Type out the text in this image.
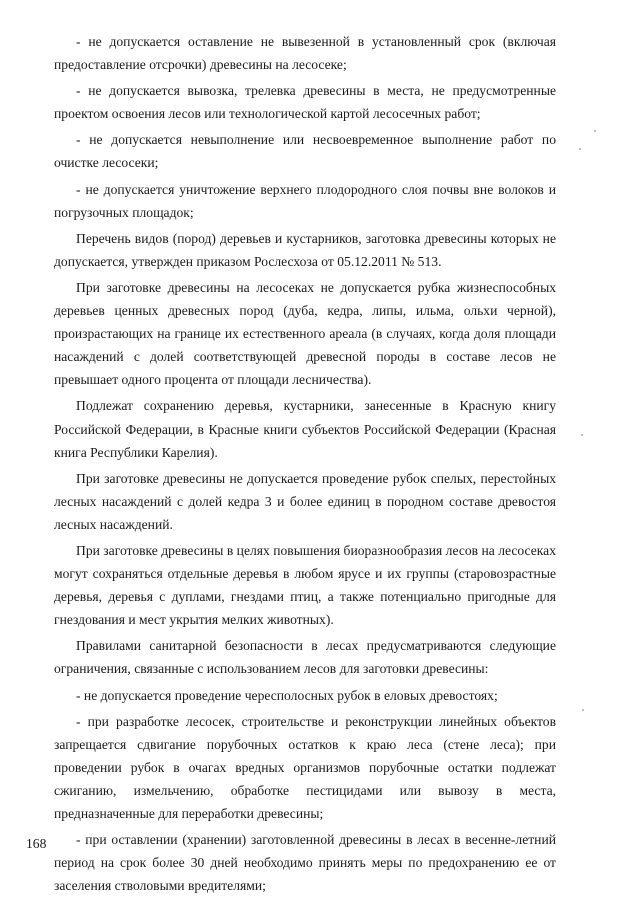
- не допускается оставление не вывезенной в установленный срок (включая предоставление отсрочки) древесины на лесосеке;

- не допускается вывозка, трелевка древесины в места, не предусмотренные проектом освоения лесов или технологической картой лесосечных работ;

- не допускается невыполнение или несвоевременное выполнение работ по очистке лесосеки;

- не допускается уничтожение верхнего плодородного слоя почвы вне волоков и погрузочных площадок;

Перечень видов (пород) деревьев и кустарников, заготовка древесины которых не допускается, утвержден приказом Рослесхоза от 05.12.2011 № 513.

При заготовке древесины на лесосеках не допускается рубка жизнеспособных деревьев ценных древесных пород (дуба, кедра, липы, ильма, ольхи черной), произрастающих на границе их естественного ареала (в случаях, когда доля площади насаждений с долей соответствующей древесной породы в составе лесов не превышает одного процента от площади лесничества).

Подлежат сохранению деревья, кустарники, занесенные в Красную книгу Российской Федерации, в Красные книги субъектов Российской Федерации (Красная книга Республики Карелия).

При заготовке древесины не допускается проведение рубок спелых, перестойных лесных насаждений с долей кедра 3 и более единиц в породном составе древостоя лесных насаждений.

При заготовке древесины в целях повышения биоразнообразия лесов на лесосеках могут сохраняться отдельные деревья в любом ярусе и их группы (старовозрастные деревья, деревья с дуплами, гнездами птиц, а также потенциально пригодные для гнездования и мест укрытия мелких животных).

Правилами санитарной безопасности в лесах предусматриваются следующие ограничения, связанные с использованием лесов для заготовки древесины:

- не допускается проведение чересполосных рубок в еловых древостоях;

- при разработке лесосек, строительстве и реконструкции линейных объектов запрещается сдвигание порубочных остатков к краю леса (стене леса); при проведении рубок в очагах вредных организмов порубочные остатки подлежат сжиганию, измельчению, обработке пестицидами или вывозу в места, предназначенные для переработки древесины;

- при оставлении (хранении) заготовленной древесины в лесах в весенне-летний период на срок более 30 дней необходимо принять меры по предохранению ее от заселения стволовыми вредителями;

168
